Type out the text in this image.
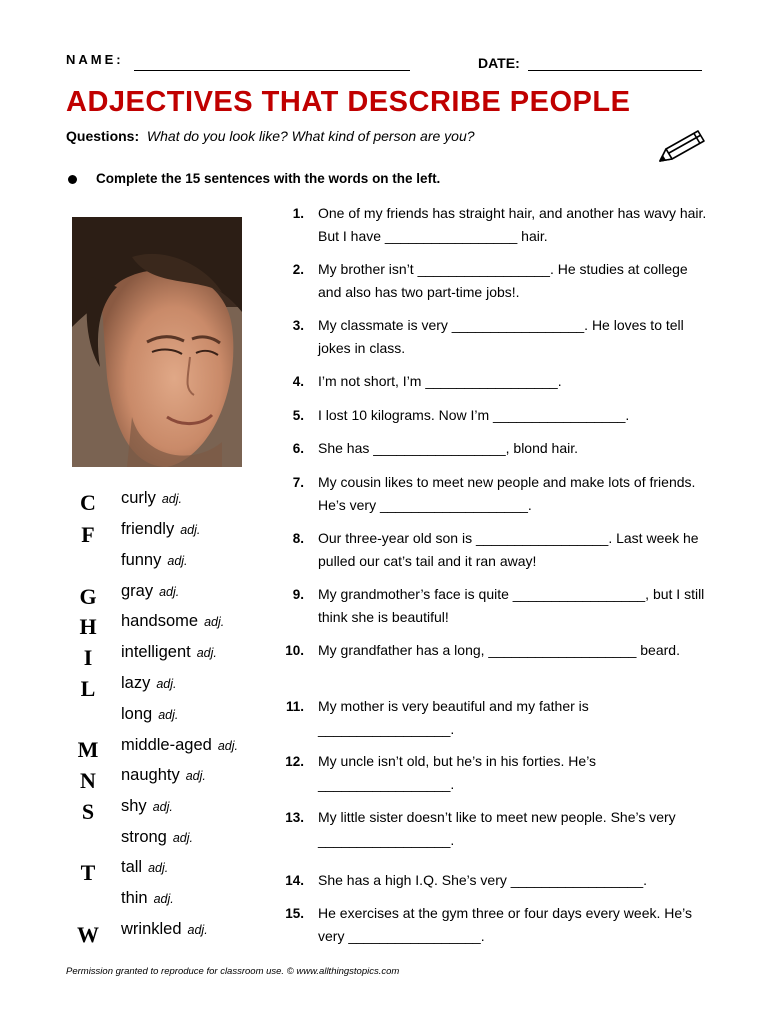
NAME:	DATE:
ADJECTIVES THAT DESCRIBE PEOPLE
Questions: What do you look like? What kind of person are you?
Complete the 15 sentences with the words on the left.
C
F
G
H
I
L
M
N
S
T
W
curly adj.
friendly adj.
funny adj.
gray adj.
handsome adj.
intelligent adj.
lazy adj.
long adj.
middle-aged adj.
naughty adj.
shy adj.
strong adj.
tall adj.
thin adj.
wrinkled adj.
1. One of my friends has straight hair, and another has wavy hair. But I have _________________ hair.
2. My brother isn’t _________________. He studies at college and also has two part-time jobs!.
3. My classmate is very _________________. He loves to tell jokes in class.
4. I’m not short, I’m _________________.
5. I lost 10 kilograms. Now I’m _________________.
6. She has _________________, blond hair.
7. My cousin likes to meet new people and make lots of friends. He’s very ___________________.
8. Our three-year old son is _________________. Last week he pulled our cat’s tail and it ran away!
9. My grandmother’s face is quite _________________, but I still think she is beautiful!
10. My grandfather has a long, ___________________ beard.
11. My mother is very beautiful and my father is _________________.
12. My uncle isn’t old, but he’s in his forties. He’s _________________.
13. My little sister doesn’t like to meet new people. She’s very _________________.
14. She has a high I.Q. She’s very _________________.
15. He exercises at the gym three or four days every week. He’s very _________________.
Permission granted to reproduce for classroom use. © www.allthingstopics.com
